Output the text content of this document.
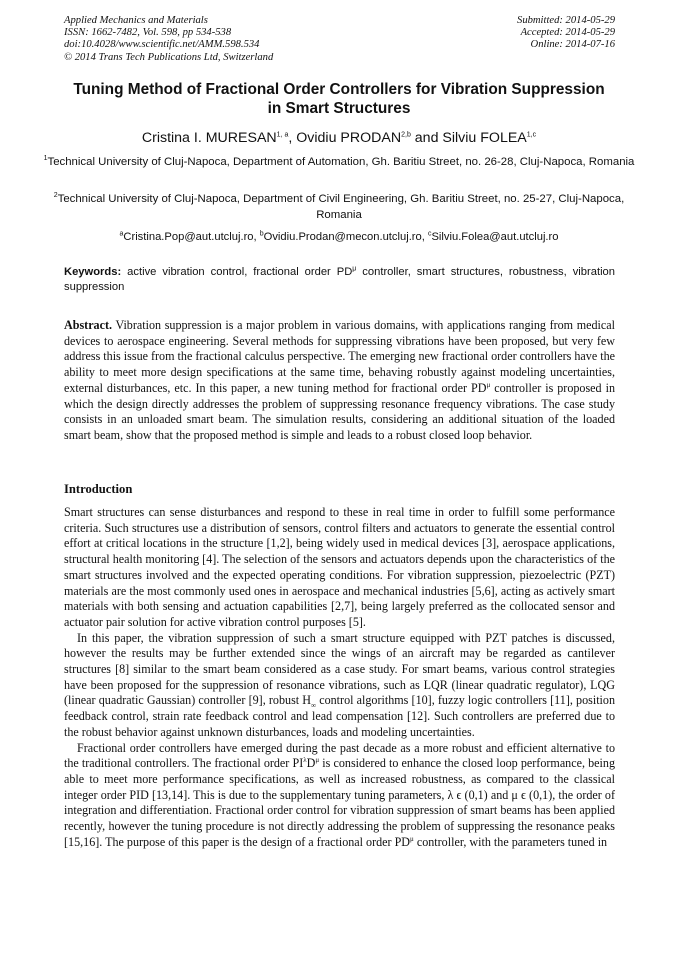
Applied Mechanics and Materials
ISSN: 1662-7482, Vol. 598, pp 534-538
doi:10.4028/www.scientific.net/AMM.598.534
© 2014 Trans Tech Publications Ltd, Switzerland
Submitted: 2014-05-29
Accepted: 2014-05-29
Online: 2014-07-16
Tuning Method of Fractional Order Controllers for Vibration Suppression
in Smart Structures
Cristina I. MURESAN$^{1, a}$, Ovidiu PRODAN$^{2,b}$ and Silviu FOLEA$^{1,c}$
$^1$Technical University of Cluj-Napoca, Department of Automation, Gh. Baritiu Street, no. 26-28, Cluj-Napoca, Romania
$^2$Technical University of Cluj-Napoca, Department of Civil Engineering, Gh. Baritiu Street, no. 25-27, Cluj-Napoca, Romania
$^a$Cristina.Pop@aut.utcluj.ro, $^b$Ovidiu.Prodan@mecon.utcluj.ro, $^c$Silviu.Folea@aut.utcluj.ro
Keywords: active vibration control, fractional order $PD^\mu$ controller, smart structures, robustness, vibration suppression
Abstract. Vibration suppression is a major problem in various domains, with applications ranging from medical devices to aerospace engineering. Several methods for suppressing vibrations have been proposed, but very few address this issue from the fractional calculus perspective. The emerging new fractional order controllers have the ability to meet more design specifications at the same time, behaving robustly against modeling uncertainties, external disturbances, etc. In this paper, a new tuning method for fractional order $PD^\mu$ controller is proposed in which the design directly addresses the problem of suppressing resonance frequency vibrations. The case study consists in an unloaded smart beam. The simulation results, considering an additional situation of the loaded smart beam, show that the proposed method is simple and leads to a robust closed loop behavior.
Introduction

Smart structures can sense disturbances and respond to these in real time in order to fulfill some performance criteria. Such structures use a distribution of sensors, control filters and actuators to generate the essential control effort at critical locations in the structure [1,2], being widely used in medical devices [3], aerospace applications, structural health monitoring [4]. The selection of the sensors and actuators depends upon the characteristics of the smart structures involved and the expected operating conditions. For vibration suppression, piezoelectric (PZT) materials are the most commonly used ones in aerospace and mechanical industries [5,6], acting as actively smart materials with both sensing and actuation capabilities [2,7], being largely preferred as the collocated sensor and actuator pair solution for active vibration control purposes [5].

In this paper, the vibration suppression of such a smart structure equipped with PZT patches is discussed, however the results may be further extended since the wings of an aircraft may be regarded as cantilever structures [8] similar to the smart beam considered as a case study. For smart beams, various control strategies have been proposed for the suppression of resonance vibrations, such as LQR (linear quadratic regulator), LQG (linear quadratic Gaussian) controller [9], robust $H_\infty$ control algorithms [10], fuzzy logic controllers [11], position feedback control, strain rate feedback control and lead compensation [12]. Such controllers are preferred due to the robust behavior against unknown disturbances, loads and modeling uncertainties.

Fractional order controllers have emerged during the past decade as a more robust and efficient alternative to the traditional controllers. The fractional order $PI^\lambda D^\mu$ is considered to enhance the closed loop performance, being able to meet more performance specifications, as well as increased robustness, as compared to the classical integer order PID [13,14]. This is due to the supplementary tuning parameters, λ ϵ (0,1) and μ ϵ (0,1), the order of integration and differentiation. Fractional order control for vibration suppression of smart beams has been applied recently, however the tuning procedure is not directly addressing the problem of suppressing the resonance peaks [15,16]. The purpose of this paper is the design of a fractional order $PD^\mu$ controller, with the parameters tuned in
